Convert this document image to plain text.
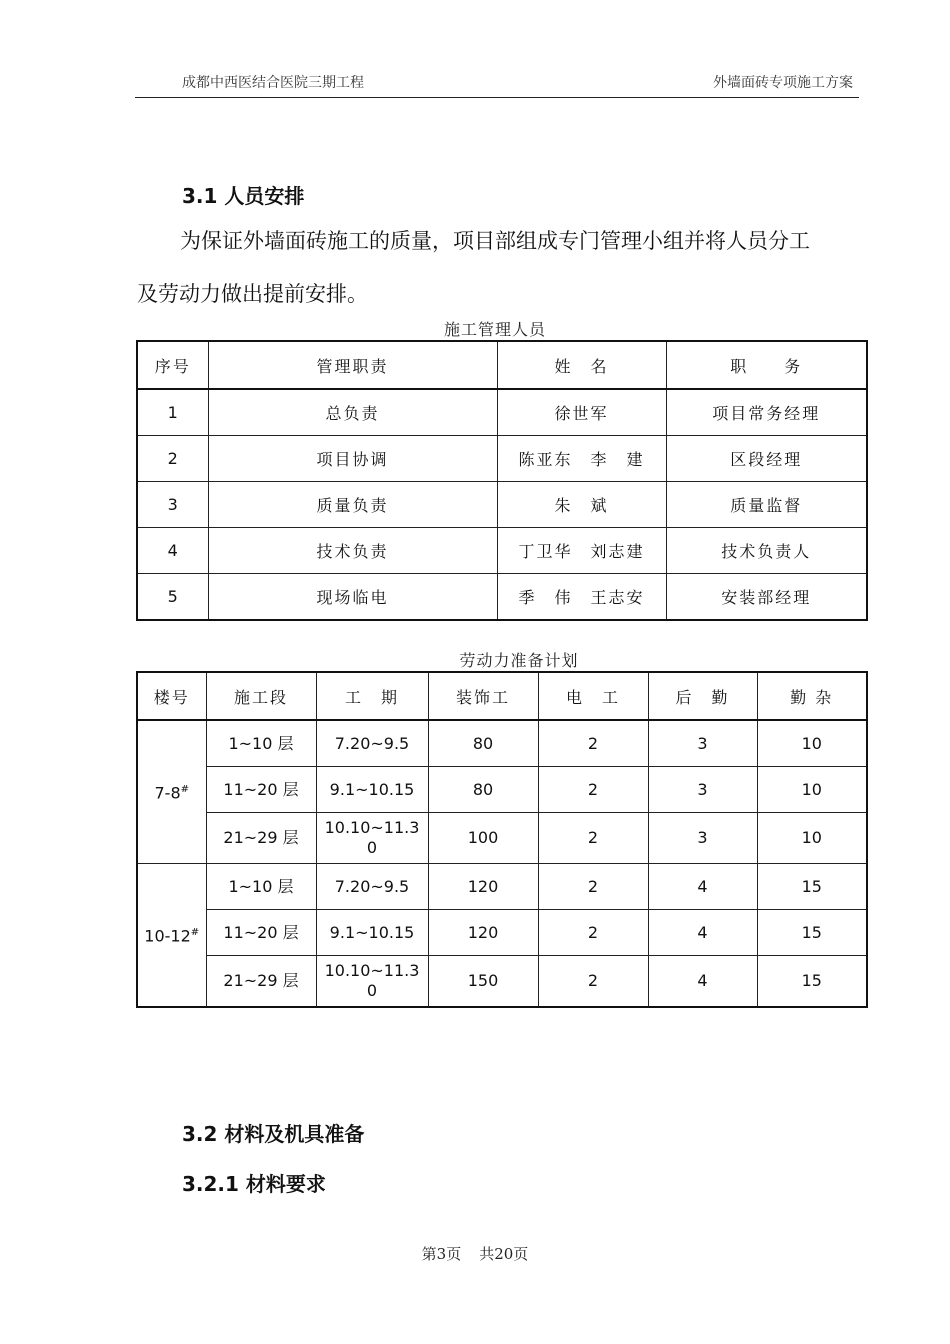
成都中西医结合医院三期工程	外墙面砖专项施工方案
3.1 人员安排
为保证外墙面砖施工的质量，项目部组成专门管理小组并将人员分工
及劳动力做出提前安排。
施工管理人员
序号	管理职责	姓　名	职　　务
1	总负责	徐世军	项目常务经理
2	项目协调	陈亚东　李　建	区段经理
3	质量负责	朱　斌	质量监督
4	技术负责	丁卫华　刘志建	技术负责人
5	现场临电	季　伟　王志安	安装部经理
劳动力准备计划
楼号	施工段	工　期	装饰工	电　工	后　勤	勤 杂
7-8#	1~10 层	7.20~9.5	80	2	3	10
	11~20 层	9.1~10.15	80	2	3	10
	21~29 层	10.10~11.30	100	2	3	10
10-12#	1~10 层	7.20~9.5	120	2	4	15
	11~20 层	9.1~10.15	120	2	4	15
	21~29 层	10.10~11.30	150	2	4	15
3.2 材料及机具准备
3.2.1 材料要求
第3页 共20页
